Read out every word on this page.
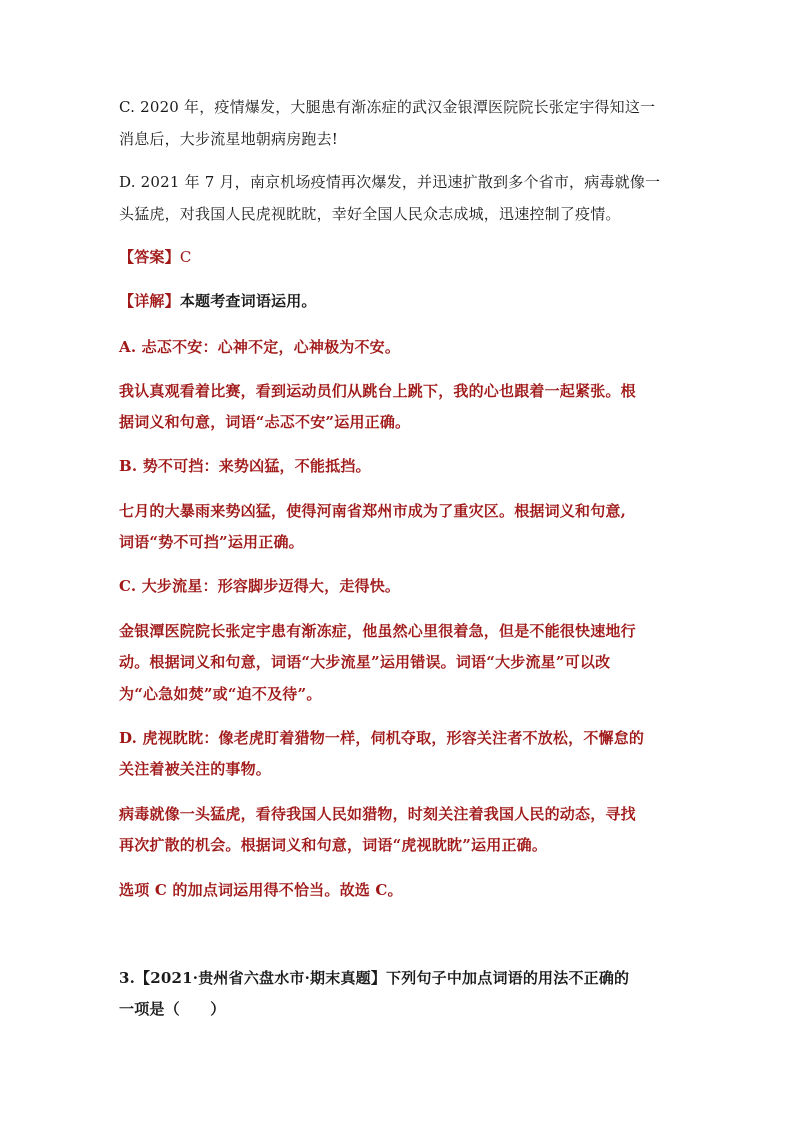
C. 2020 年，疫情爆发，大腿患有渐冻症的武汉金银潭医院院长张定宇得知这一
消息后，大步流星地朝病房跑去!
D. 2021 年 7 月，南京机场疫情再次爆发，并迅速扩散到多个省市，病毒就像一
头猛虎，对我国人民虎视眈眈，幸好全国人民众志成城，迅速控制了疫情。
【答案】C
【详解】本题考查词语运用。
A. 忐忑不安：心神不定，心神极为不安。
我认真观看着比赛，看到运动员们从跳台上跳下，我的心也跟着一起紧张。根
据词义和句意，词语“忐忑不安”运用正确。
B. 势不可挡：来势凶猛，不能抵挡。
七月的大暴雨来势凶猛，使得河南省郑州市成为了重灾区。根据词义和句意,
词语“势不可挡”运用正确。
C. 大步流星：形容脚步迈得大，走得快。
金银潭医院院长张定宇患有渐冻症，他虽然心里很着急，但是不能很快速地行
动。根据词义和句意，词语“大步流星”运用错误。词语“大步流星”可以改
为“心急如焚”或“迫不及待”。
D. 虎视眈眈：像老虎盯着猎物一样，伺机夺取，形容关注者不放松，不懈怠的
关注着被关注的事物。
病毒就像一头猛虎，看待我国人民如猎物，时刻关注着我国人民的动态，寻找
再次扩散的机会。根据词义和句意，词语“虎视眈眈”运用正确。
选项 C 的加点词运用得不恰当。故选 C。
3.【2021·贵州省六盘水市·期末真题】下列句子中加点词语的用法不正确的
一项是（　　）
